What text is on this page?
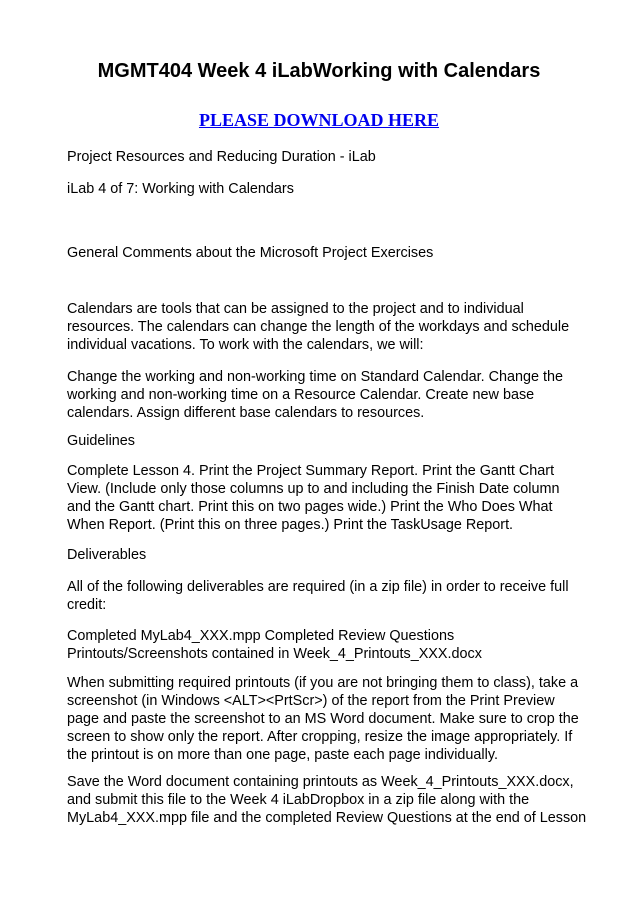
MGMT404 Week 4 iLabWorking with Calendars
PLEASE DOWNLOAD HERE
Project Resources and Reducing Duration - iLab
iLab 4 of 7: Working with Calendars
General Comments about the Microsoft Project Exercises
Calendars are tools that can be assigned to the project and to individual
resources. The calendars can change the length of the workdays and schedule
individual vacations. To work with the calendars, we will:
Change the working and non-working time on Standard Calendar. Change the
working and non-working time on a Resource Calendar. Create new base
calendars. Assign different base calendars to resources.
Guidelines
Complete Lesson 4. Print the Project Summary Report. Print the Gantt Chart
View. (Include only those columns up to and including the Finish Date column
and the Gantt chart. Print this on two pages wide.) Print the Who Does What
When Report. (Print this on three pages.) Print the TaskUsage Report.
Deliverables
All of the following deliverables are required (in a zip file) in order to receive full
credit:
Completed MyLab4_XXX.mpp Completed Review Questions
Printouts/Screenshots contained in Week_4_Printouts_XXX.docx
When submitting required printouts (if you are not bringing them to class), take a
screenshot (in Windows <ALT><PrtScr>) of the report from the Print Preview
page and paste the screenshot to an MS Word document. Make sure to crop the
screen to show only the report. After cropping, resize the image appropriately. If
the printout is on more than one page, paste each page individually.
Save the Word document containing printouts as Week_4_Printouts_XXX.docx,
and submit this file to the Week 4 iLabDropbox in a zip file along with the
MyLab4_XXX.mpp file and the completed Review Questions at the end of Lesson
